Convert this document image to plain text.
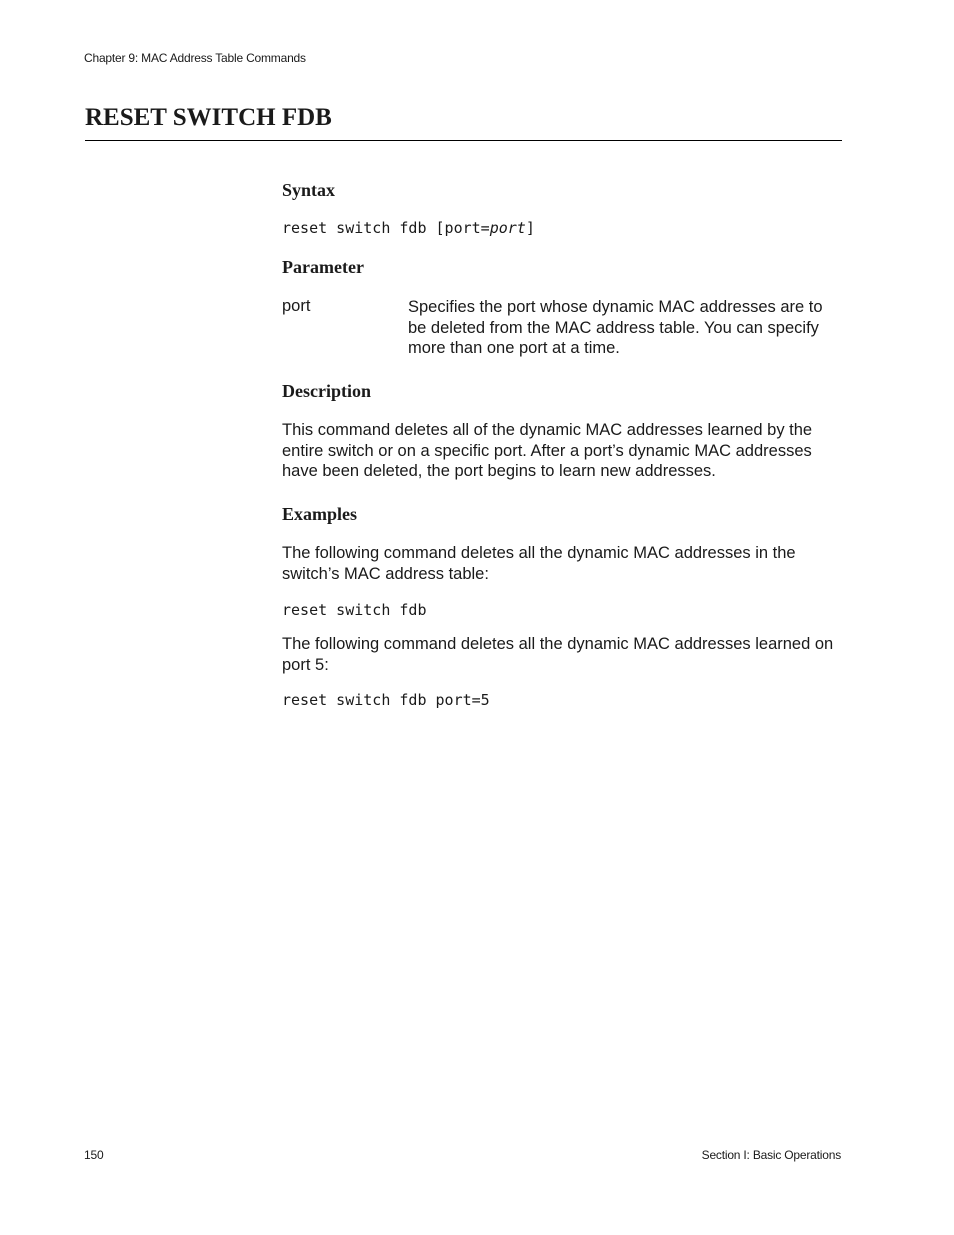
Chapter 9: MAC Address Table Commands
RESET SWITCH FDB
Syntax
reset switch fdb [port=port]
Parameter
port	Specifies the port whose dynamic MAC addresses are to be deleted from the MAC address table. You can specify more than one port at a time.
Description
This command deletes all of the dynamic MAC addresses learned by the entire switch or on a specific port. After a port’s dynamic MAC addresses have been deleted, the port begins to learn new addresses.
Examples
The following command deletes all the dynamic MAC addresses in the switch’s MAC address table:
reset switch fdb
The following command deletes all the dynamic MAC addresses learned on port 5:
reset switch fdb port=5
150	Section I: Basic Operations
